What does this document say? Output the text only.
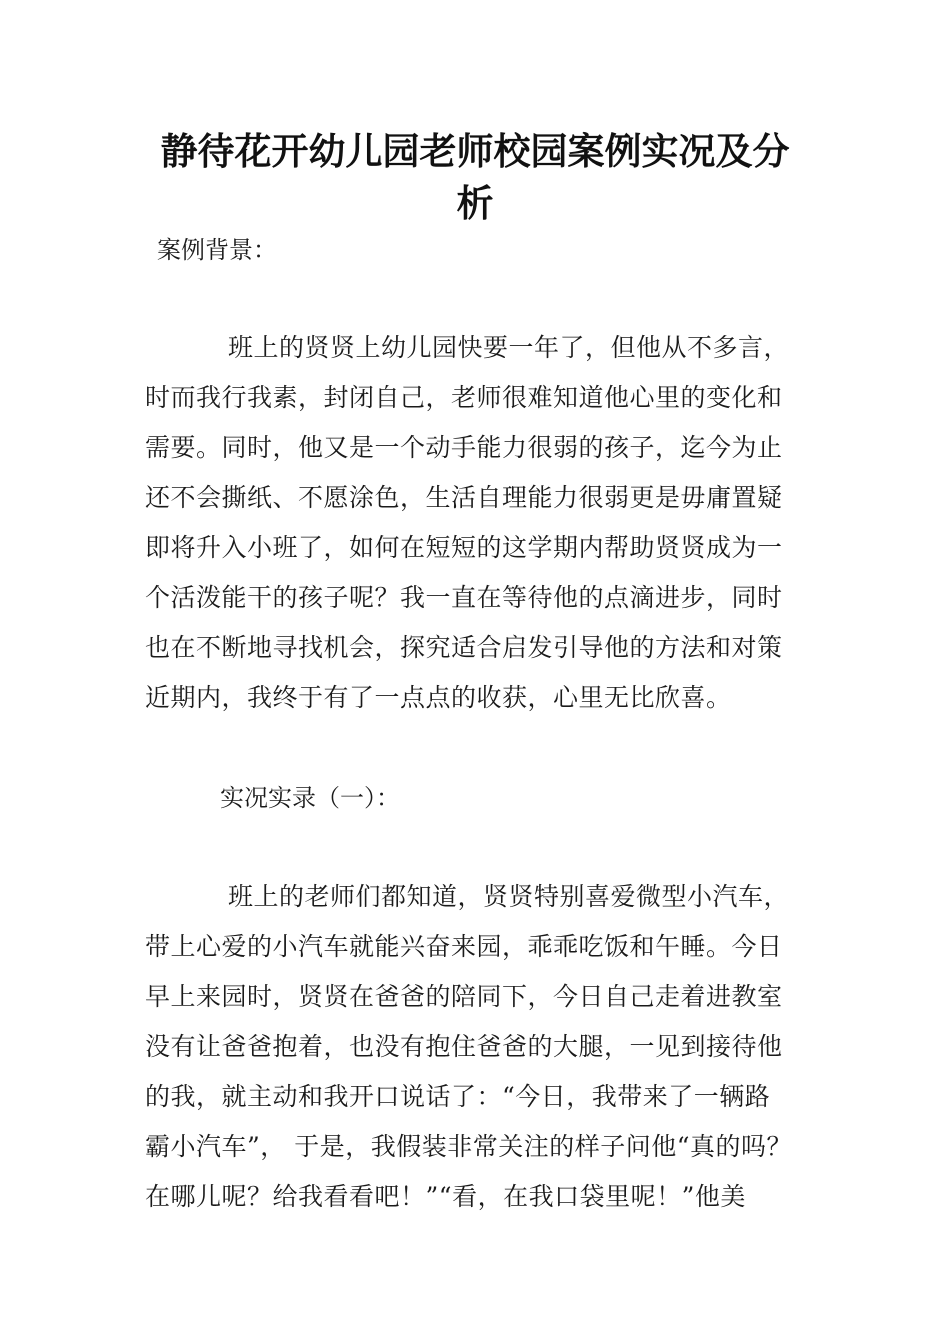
静待花开幼儿园老师校园案例实况及分
析

案例背景：

班上的贤贤上幼儿园快要一年了，但他从不多言，

时而我行我素，封闭自己，老师很难知道他心里的变化和

需要。同时，他又是一个动手能力很弱的孩子，迄今为止

还不会撕纸、不愿涂色，生活自理能力很弱更是毋庸置疑

即将升入小班了，如何在短短的这学期内帮助贤贤成为一

个活泼能干的孩子呢？我一直在等待他的点滴进步，同时

也在不断地寻找机会，探究适合启发引导他的方法和对策

近期内，我终于有了一点点的收获，心里无比欣喜。

实况实录（一）：

班上的老师们都知道，贤贤特别喜爱微型小汽车，

带上心爱的小汽车就能兴奋来园，乖乖吃饭和午睡。今日

早上来园时，贤贤在爸爸的陪同下，今日自己走着进教室

没有让爸爸抱着，也没有抱住爸爸的大腿，一见到接待他

的我，就主动和我开口说话了：“今日，我带来了一辆路

霸小汽车”， 于是，我假装非常关注的样子问他“真的吗？

在哪儿呢？给我看看吧！”“看，在我口袋里呢！”他美
